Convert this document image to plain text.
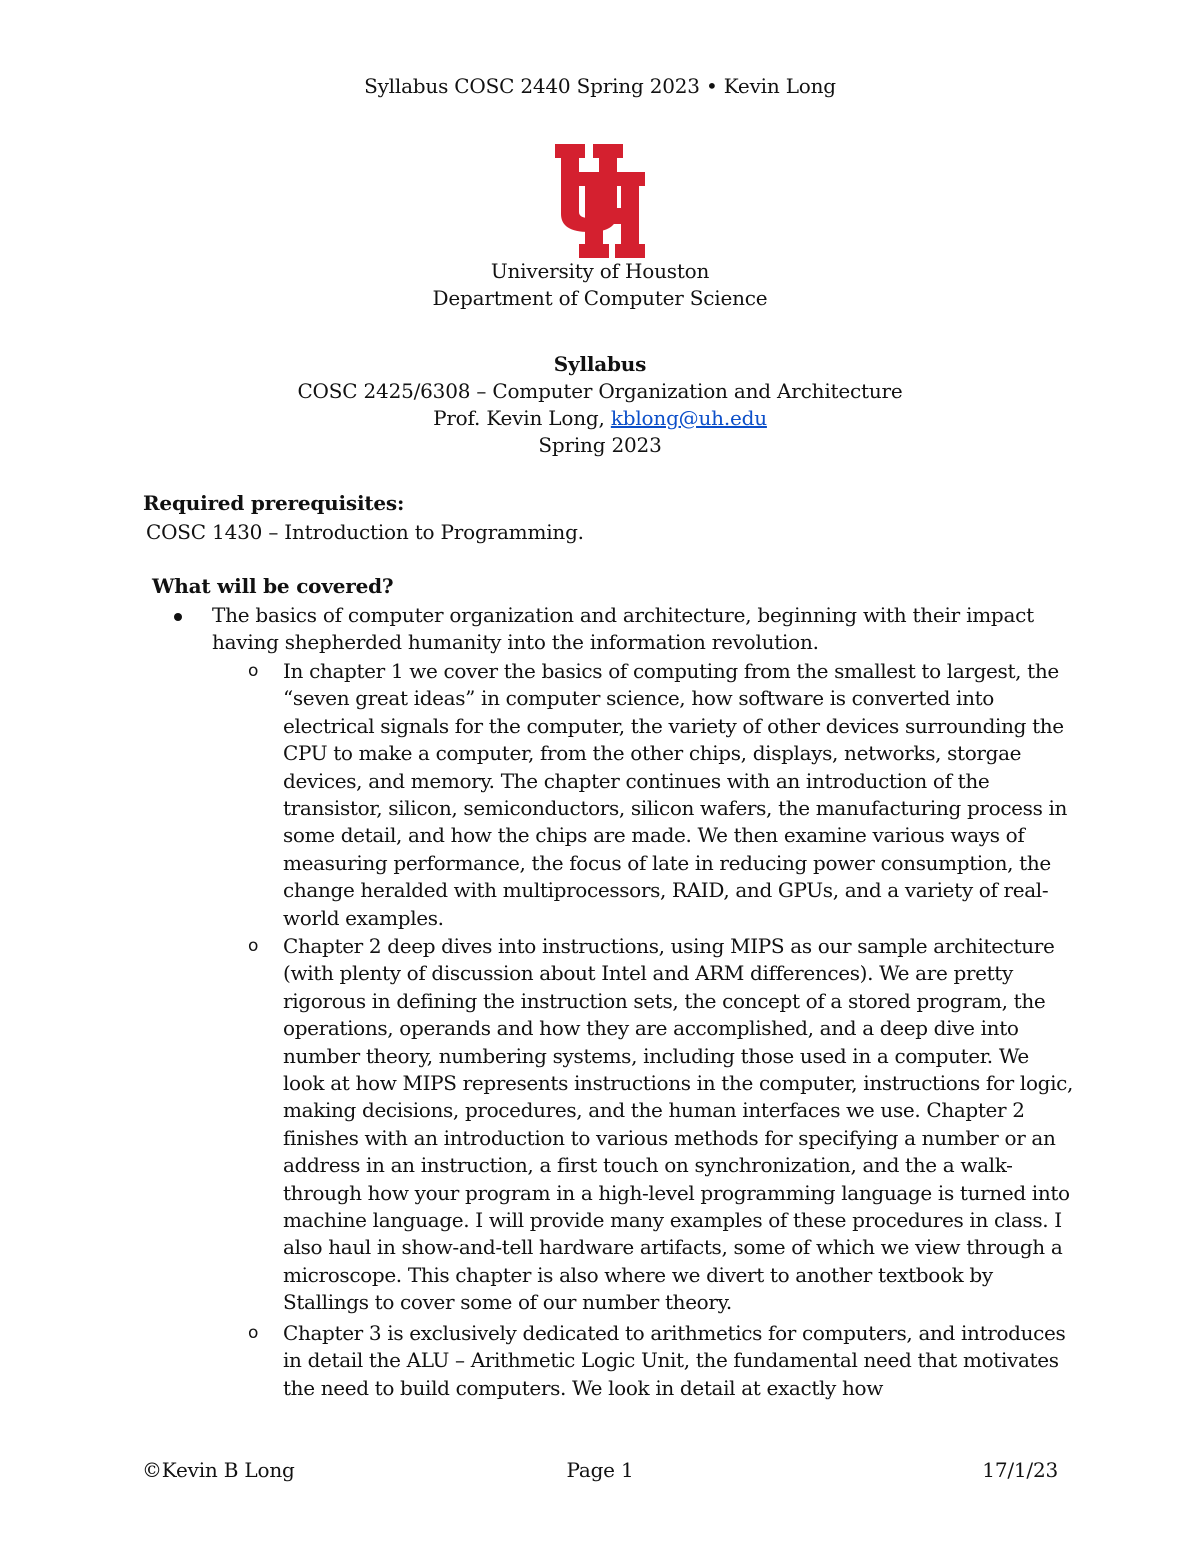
Syllabus COSC 2440 Spring 2023 • Kevin Long
University of Houston
Department of Computer Science
Syllabus
COSC 2425/6308 – Computer Organization and Architecture
Prof. Kevin Long, kblong@uh.edu
Spring 2023
Required prerequisites:
COSC 1430 – Introduction to Programming.
What will be covered?
The basics of computer organization and architecture, beginning with their impact having shepherded humanity into the information revolution.
o In chapter 1 we cover the basics of computing from the smallest to largest, the “seven great ideas” in computer science, how software is converted into electrical signals for the computer, the variety of other devices surrounding the CPU to make a computer, from the other chips, displays, networks, storgae devices, and memory. The chapter continues with an introduction of the transistor, silicon, semiconductors, silicon wafers, the manufacturing process in some detail, and how the chips are made. We then examine various ways of measuring performance, the focus of late in reducing power consumption, the change heralded with multiprocessors, RAID, and GPUs, and a variety of real-world examples.
o Chapter 2 deep dives into instructions, using MIPS as our sample architecture (with plenty of discussion about Intel and ARM differences). We are pretty rigorous in defining the instruction sets, the concept of a stored program, the operations, operands and how they are accomplished, and a deep dive into number theory, numbering systems, including those used in a computer. We look at how MIPS represents instructions in the computer, instructions for logic, making decisions, procedures, and the human interfaces we use. Chapter 2 finishes with an introduction to various methods for specifying a number or an address in an instruction, a first touch on synchronization, and the a walk-through how your program in a high-level programming language is turned into machine language. I will provide many examples of these procedures in class. I also haul in show-and-tell hardware artifacts, some of which we view through a microscope. This chapter is also where we divert to another textbook by Stallings to cover some of our number theory.
o Chapter 3 is exclusively dedicated to arithmetics for computers, and introduces in detail the ALU – Arithmetic Logic Unit, the fundamental need that motivates the need to build computers. We look in detail at exactly how
©Kevin B Long	Page 1	17/1/23
